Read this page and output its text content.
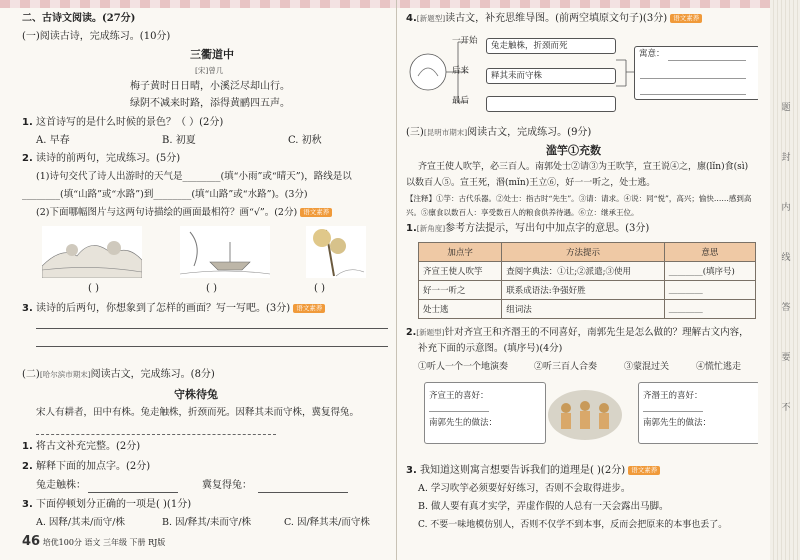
二、古诗文阅读。(27分)
(一)阅读古诗，完成练习。(10分)
三衢道中
[宋]曾几
梅子黄时日日晴，小溪泛尽却山行。
绿阴不减来时路，添得黄鹂四五声。
1. 这首诗写的是什么时候的景色？（ ）(2分)
A. 早春	B. 初夏	C. 初秋
2. 读诗的前两句，完成练习。(5分)
(1)诗句交代了诗人出游时的天气是________(填“小雨”或“晴天”)，路线是以
________(填“山路”或“水路”)到________(填“山路”或“水路”)。(3分)
(2)下面哪幅图片与这两句诗描绘的画面最相符？画“√”。(2分) 语文素养
( )	( )	( )
3. 读诗的后两句，你想象到了怎样的画面？写一写吧。(3分) 语文素养
(二)[哈尔滨市期末]阅读古文，完成练习。(8分)
守株待兔
宋人有耕者，田中有株。兔走触株，折颈而死。因释其耒而守株，冀复得兔。
1. 将古文补充完整。(2分)
2. 解释下面的加点字。(2分)
兔走触株：	冀复得兔：
3. 下面停顿划分正确的一项是( )(1分)
A. 因释/其耒/而守/株	B. 因/释其/耒而守/株	C. 因/释其耒/而守株
46 培优100分 语文 三年级 下册 RJ版
4.[新题型]读古文，补充思维导图。(前两空填原文句子)(3分) 语文素养
一开始
后来
最后
兔走触株，折颈而死
释其耒而守株
寓意：
(三)[昆明市期末]阅读古文，完成练习。(9分)
滥竽①充数
齐宣王使人吹竽，必三百人。南郭处士②请③为王吹竽，宣王说④之，廪(lǐn)食(sì)
以数百人⑤。宣王死，湣(mǐn)王立⑥，好一一听之，处士逃。
【注释】①竽：古代乐器。②处士：指古时“先生”。③请：请求。④说：同“悦”，高兴；愉快……感到高
兴。⑤廪食以数百人：享受数百人的粮食供养待遇。⑥立：继承王位。
1.[新角度]参考方法提示，写出句中加点字的意思。(3分)
加点字	方法提示	意思
齐宣王使人吹竽	查阅字典法：①让;②派遣;③使用	________(填序号)
好一一听之	联系成语法:争强好胜	________
处士逃	组词法	________
2.[新题型]针对齐宣王和齐湣王的不同喜好，南郭先生是怎么做的？理解古文内容，
补充下面的示意图。(填序号)(4分)
①听人一个一个地演奏	②听三百人合奏	③蒙混过关	④慌忙逃走
齐宣王的喜好：
南郭先生的做法：
齐湣王的喜好：
南郭先生的做法：
3. 我知道这则寓言想要告诉我们的道理是( )(2分) 语文素养
A. 学习吹竽必须要好好练习，否则不会取得进步。
B. 做人要有真才实学，弄虚作假的人总有一天会露出马脚。
C. 不要一味地模仿别人，否则不仅学不到本事，反而会把原来的本事也丢了。
题
封
内
线
答
要
不
